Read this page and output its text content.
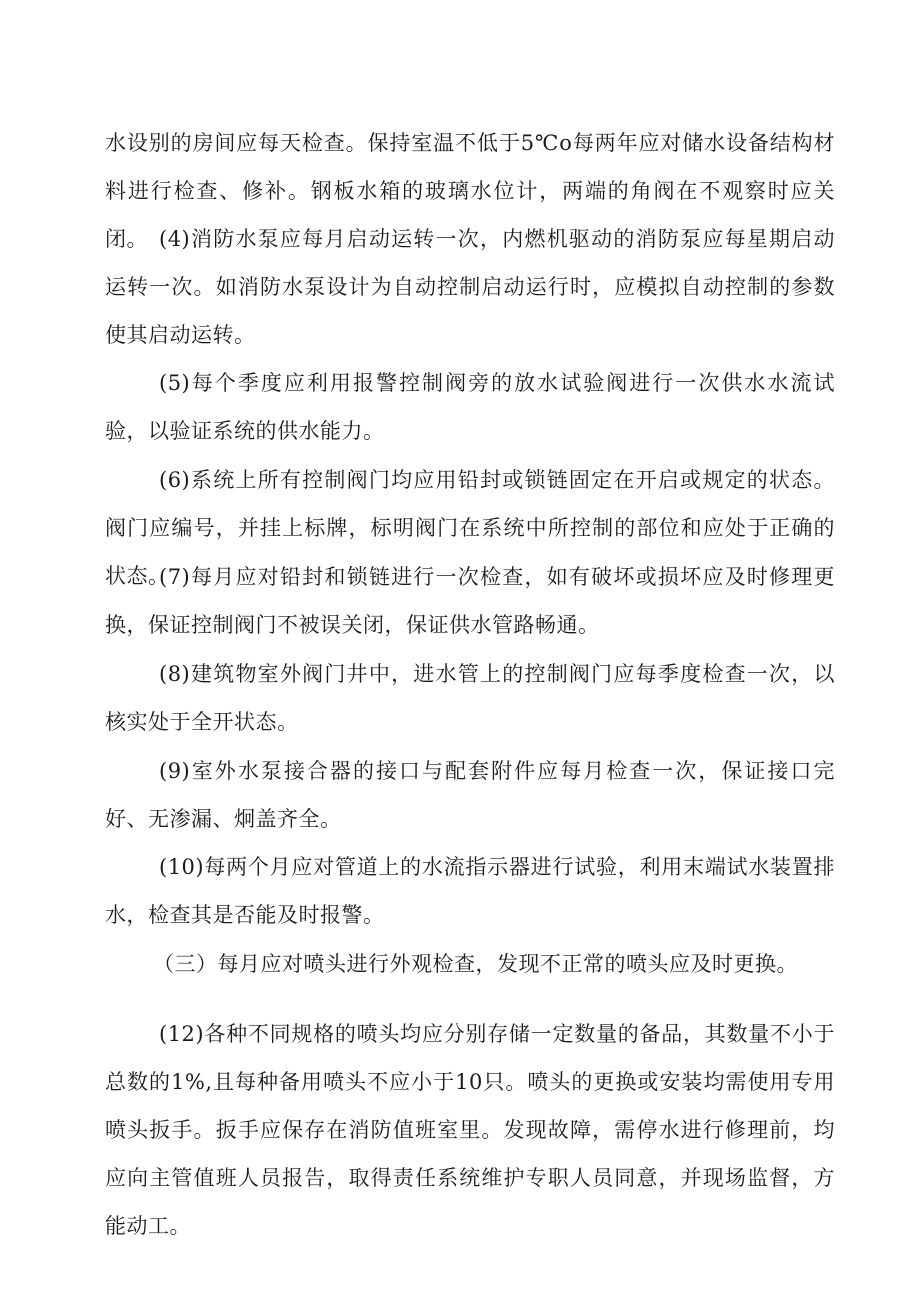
水设别的房间应每天检查。保持室温不低于5℃o每两年应对储水设备结构材料进行检查、修补。钢板水箱的玻璃水位计，两端的角阀在不观察时应关闭。 (4)消防水泵应每月启动运转一次，内燃机驱动的消防泵应每星期启动运转一次。如消防水泵设计为自动控制启动运行时，应模拟自动控制的参数使其启动运转。

(5)每个季度应利用报警控制阀旁的放水试验阀进行一次供水水流试验，以验证系统的供水能力。

(6)系统上所有控制阀门均应用铅封或锁链固定在开启或规定的状态。阀门应编号，并挂上标牌，标明阀门在系统中所控制的部位和应处于正确的状态。

(7)每月应对铅封和锁链进行一次检查，如有破坏或损坏应及时修理更换，保证控制阀门不被误关闭，保证供水管路畅通。

(8)建筑物室外阀门井中，进水管上的控制阀门应每季度检查一次，以核实处于全开状态。

(9)室外水泵接合器的接口与配套附件应每月检查一次，保证接口完好、无渗漏、炯盖齐全。

(10)每两个月应对管道上的水流指示器进行试验，利用末端试水装置排水，检查其是否能及时报警。

（三）每月应对喷头进行外观检查，发现不正常的喷头应及时更换。

(12)各种不同规格的喷头均应分别存储一定数量的备品，其数量不小于总数的1%,且每种备用喷头不应小于10只。喷头的更换或安装均需使用专用喷头扳手。扳手应保存在消防值班室里。发现故障，需停水进行修理前，均应向主管值班人员报告，取得责任系统维护专职人员同意，并现场监督，方能动工。
